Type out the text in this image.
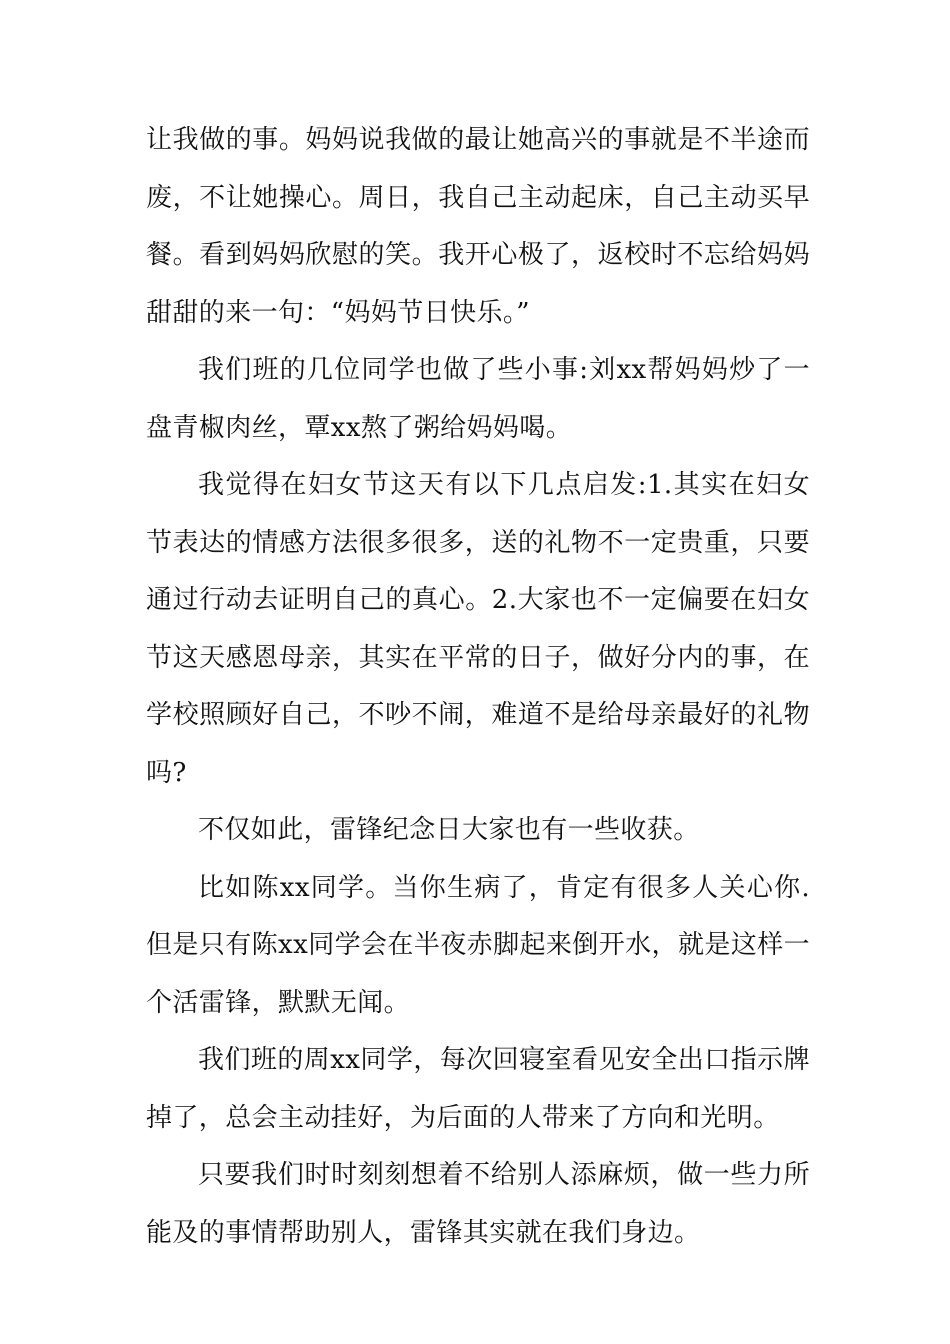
让我做的事。妈妈说我做的最让她高兴的事就是不半途而废，不让她操心。周日，我自己主动起床，自己主动买早餐。看到妈妈欣慰的笑。我开心极了，返校时不忘给妈妈甜甜的来一句：“妈妈节日快乐。”

我们班的几位同学也做了些小事:刘xx帮妈妈炒了一盘青椒肉丝，覃xx熬了粥给妈妈喝。

我觉得在妇女节这天有以下几点启发:1.其实在妇女节表达的情感方法很多很多，送的礼物不一定贵重，只要通过行动去证明自己的真心。2.大家也不一定偏要在妇女节这天感恩母亲，其实在平常的日子，做好分内的事，在学校照顾好自己，不吵不闹，难道不是给母亲最好的礼物吗?

不仅如此，雷锋纪念日大家也有一些收获。

比如陈xx同学。当你生病了，肯定有很多人关心你.但是只有陈xx同学会在半夜赤脚起来倒开水，就是这样一个活雷锋，默默无闻。

我们班的周xx同学，每次回寝室看见安全出口指示牌掉了，总会主动挂好，为后面的人带来了方向和光明。

只要我们时时刻刻想着不给别人添麻烦，做一些力所能及的事情帮助别人，雷锋其实就在我们身边。
